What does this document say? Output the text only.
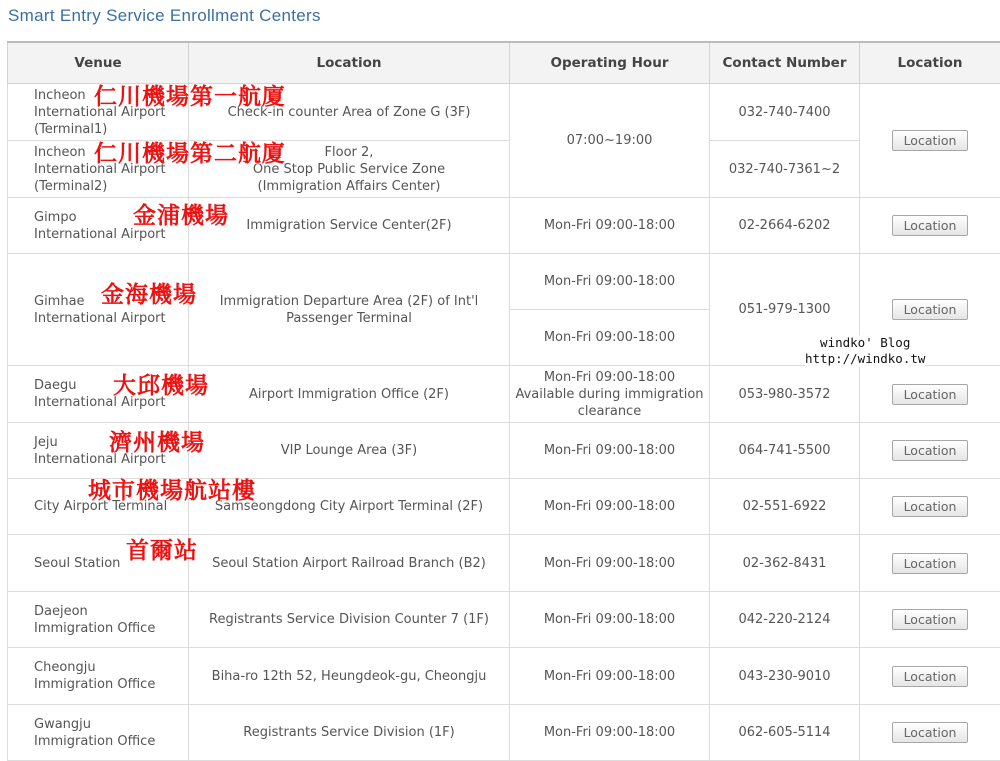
Smart Entry Service Enrollment Centers
Venue	Location	Operating Hour	Contact Number	Location

Incheon
International Airport
(Terminal1)	Check-in counter Area of Zone G (3F)	07:00~19:00	032-740-7400	Location

Incheon
International Airport
(Terminal2)	Floor 2,
One Stop Public Service Zone
(Immigration Affairs Center)		032-740-7361~2	

Gimpo
International Airport	Immigration Service Center(2F)	Mon-Fri 09:00-18:00	02-2664-6202	Location

Gimhae
International Airport	Immigration Departure Area (2F) of Int'l
Passenger Terminal	Mon-Fri 09:00-18:00	051-979-1300	Location
		Mon-Fri 09:00-18:00		

Daegu
International Airport	Airport Immigration Office (2F)	Mon-Fri 09:00-18:00
Available during immigration
clearance	053-980-3572	Location

Jeju
International Airport	VIP Lounge Area (3F)	Mon-Fri 09:00-18:00	064-741-5500	Location

City Airport Terminal	Samseongdong City Airport Terminal (2F)	Mon-Fri 09:00-18:00	02-551-6922	Location

Seoul Station	Seoul Station Airport Railroad Branch (B2)	Mon-Fri 09:00-18:00	02-362-8431	Location

Daejeon
Immigration Office	Registrants Service Division Counter 7 (1F)	Mon-Fri 09:00-18:00	042-220-2124	Location

Cheongju
Immigration Office	Biha-ro 12th 52, Heungdeok-gu, Cheongju	Mon-Fri 09:00-18:00	043-230-9010	Location

Gwangju
Immigration Office	Registrants Service Division (1F)	Mon-Fri 09:00-18:00	062-605-5114	Location
仁川機場第一航廈
仁川機場第二航廈
金浦機場
金海機場
大邱機場
濟州機場
城市機場航站樓
首爾站
windko' Blog
http://windko.tw
